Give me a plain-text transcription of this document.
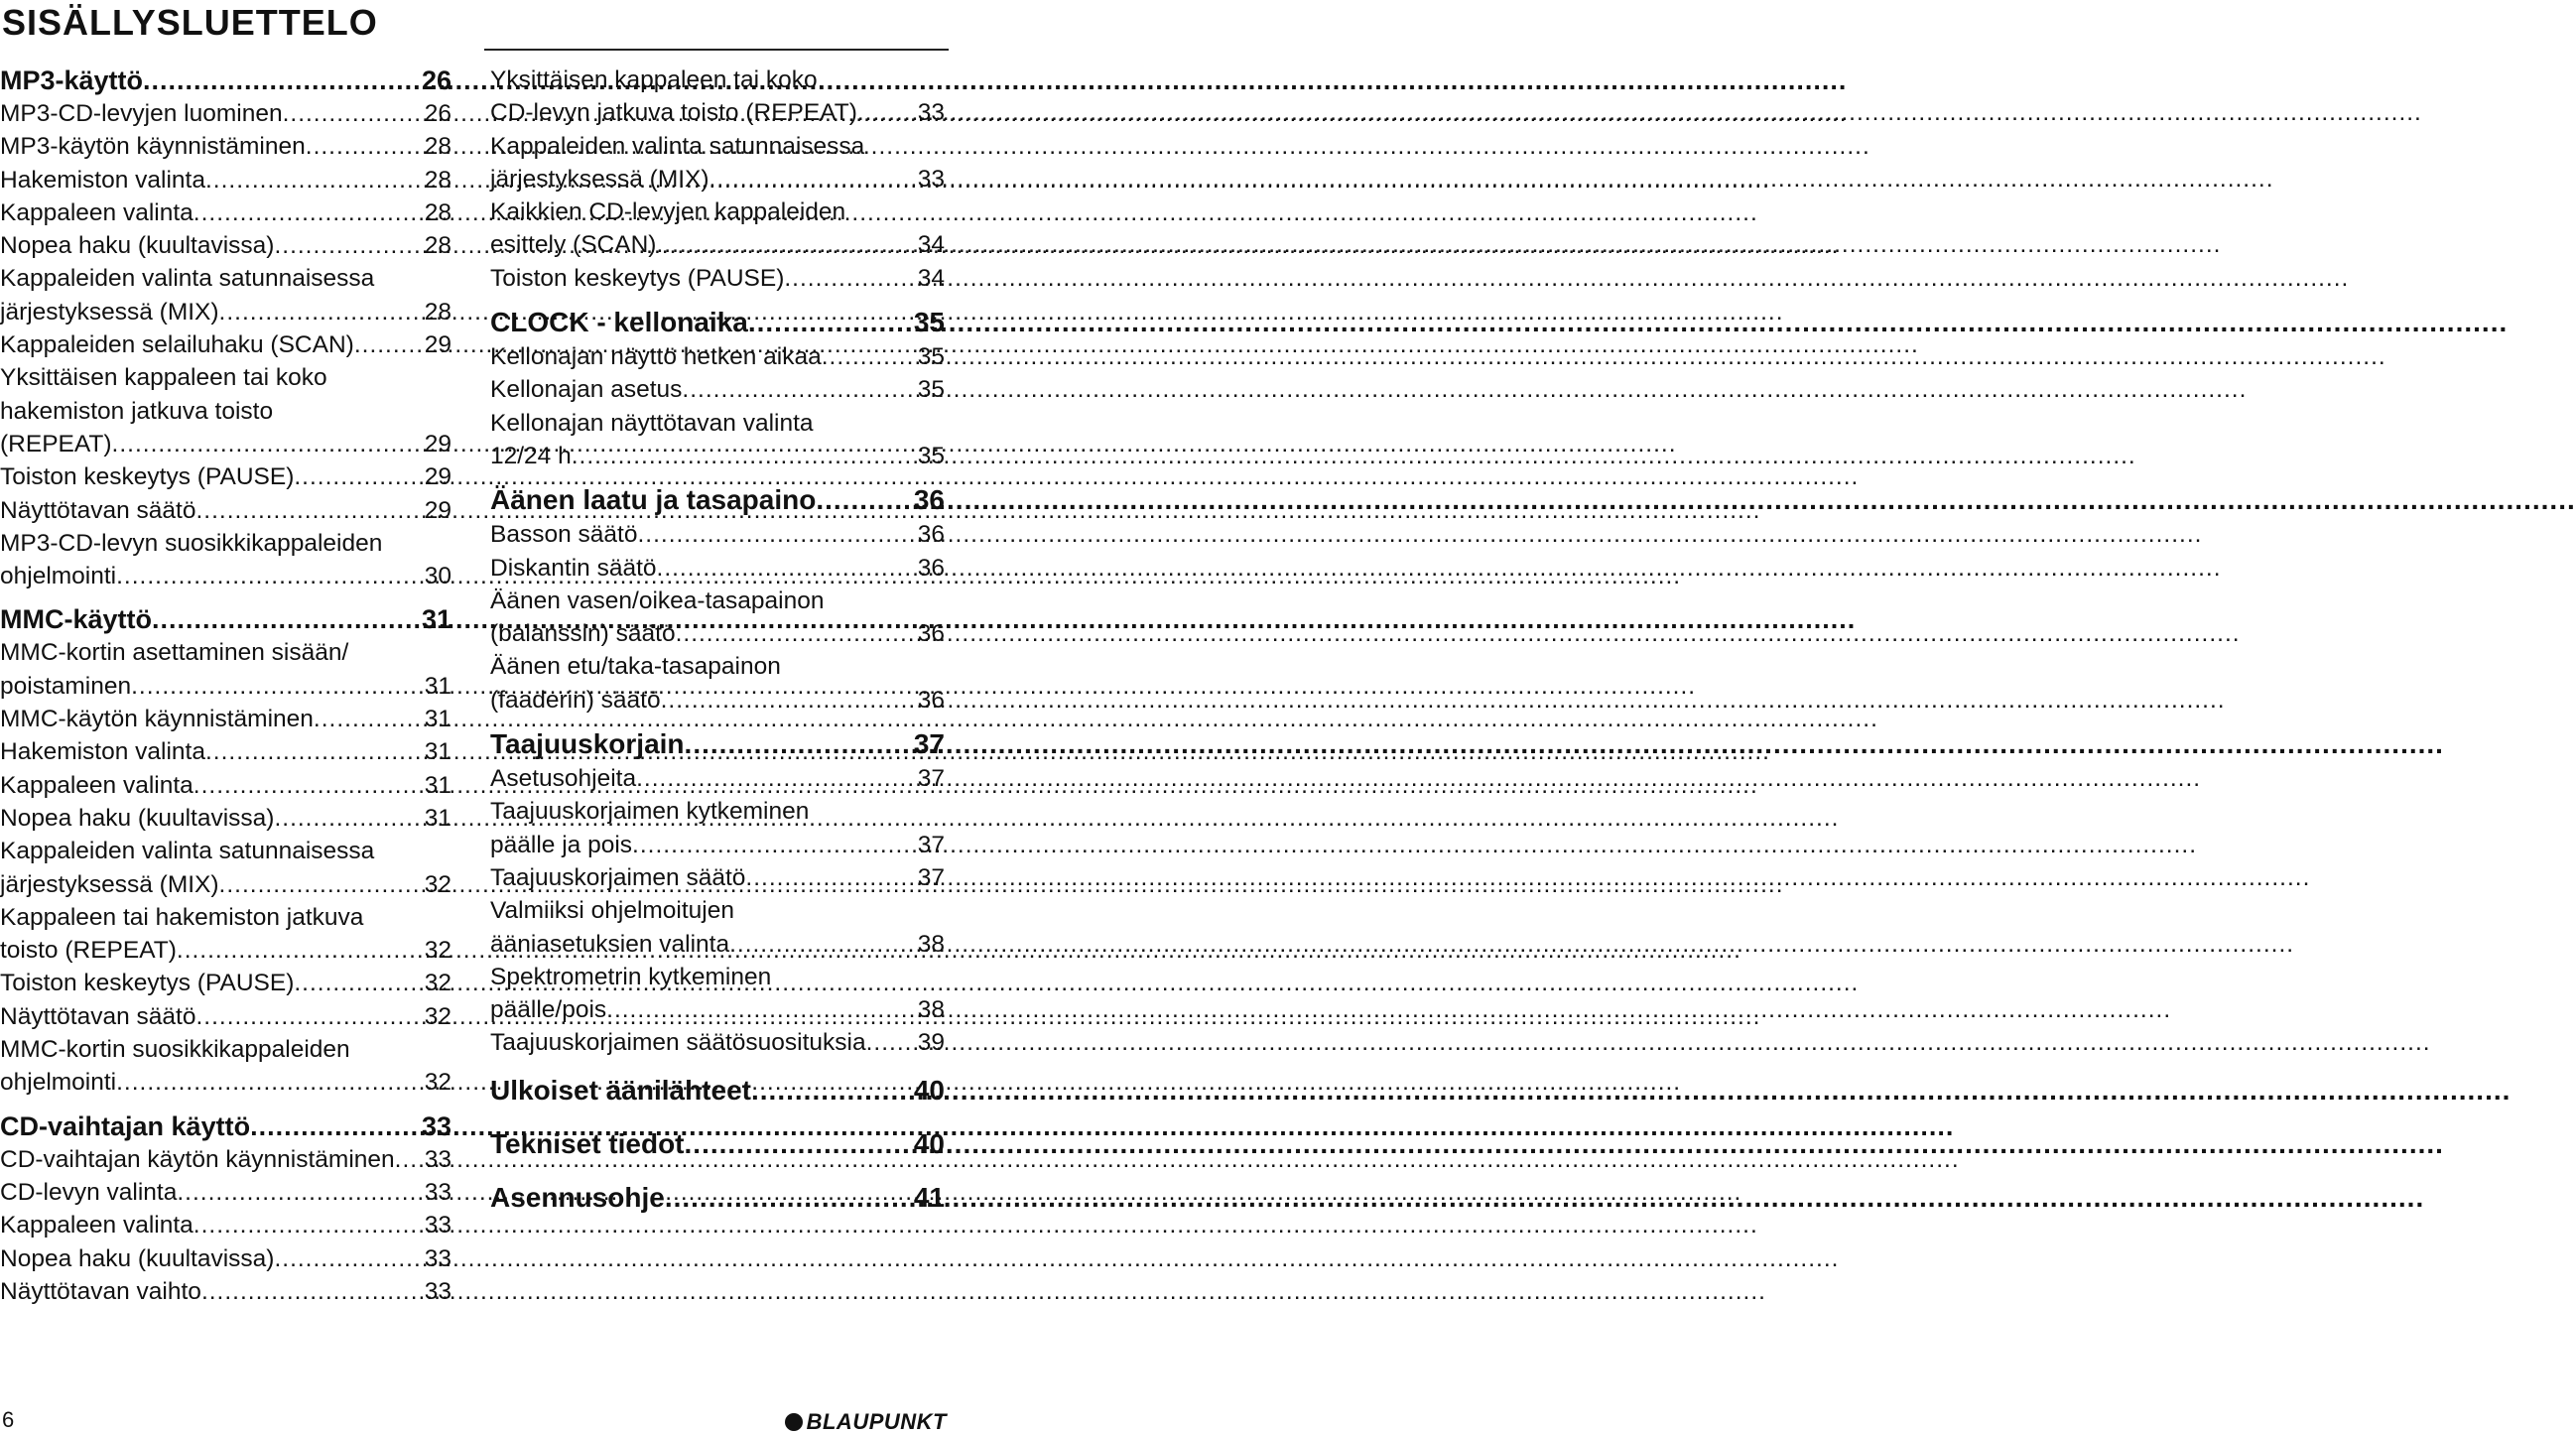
SISÄLLYSLUETTELO
MP3-käyttö .....	26
MP3-CD-levyjen luominen .....	26
MP3-käytön käynnistäminen .....	28
Hakemiston valinta .....	28
Kappaleen valinta .....	28
Nopea haku (kuultavissa) .....	28
Kappaleiden valinta satunnaisessa
järjestyksessä (MIX) .....	28
Kappaleiden selailuhaku (SCAN) .....	29
Yksittäisen kappaleen tai koko
hakemiston jatkuva toisto
(REPEAT) .....	29
Toiston keskeytys (PAUSE) .....	29
Näyttötavan säätö .....	29
MP3-CD-levyn suosikkikappaleiden
ohjelmointi .....	30
MMC-käyttö .....	31
MMC-kortin asettaminen sisään/
poistaminen .....	31
MMC-käytön käynnistäminen .....	31
Hakemiston valinta .....	31
Kappaleen valinta .....	31
Nopea haku (kuultavissa) .....	31
Kappaleiden valinta satunnaisessa
järjestyksessä (MIX) .....	32
Kappaleen tai hakemiston jatkuva
toisto (REPEAT) .....	32
Toiston keskeytys (PAUSE) .....	32
Näyttötavan säätö .....	32
MMC-kortin suosikkikappaleiden
ohjelmointi .....	32
CD-vaihtajan käyttö .....	33
CD-vaihtajan käytön käynnistäminen ..... 33
CD-levyn valinta .....	33
Kappaleen valinta .....	33
Nopea haku (kuultavissa) .....	33
Näyttötavan vaihto .....	33
Yksittäisen kappaleen tai koko
CD-levyn jatkuva toisto (REPEAT) ..... 33
Kappaleiden valinta satunnaisessa
järjestyksessä (MIX) .....	33
Kaikkien CD-levyjen kappaleiden
esittely (SCAN) .....	34
Toiston keskeytys (PAUSE) .....	34
CLOCK - kellonaika .....	35
Kellonajan näyttö hetken aikaa .....	35
Kellonajan asetus .....	35
Kellonajan näyttötavan valinta
12/24 h .....	35
Äänen laatu ja tasapaino .....	36
Basson säätö .....	36
Diskantin säätö .....	36
Äänen vasen/oikea-tasapainon
(balanssin) säätö .....	36
Äänen etu/taka-tasapainon
(faaderin) säätö .....	36
Taajuuskorjain .....	37
Asetusohjeita .....	37
Taajuuskorjaimen kytkeminen
päälle ja pois .....	37
Taajuuskorjaimen säätö .....	37
Valmiiksi ohjelmoitujen
ääniasetuksien valinta .....	38
Spektrometrin kytkeminen
päälle/pois .....	38
Taajuuskorjaimen säätösuosituksia ..... 39
Ulkoiset äänilähteet .....	40
Tekniset tiedot .....	40
Asennusohje .....	41
6	BLAUPUNKT
